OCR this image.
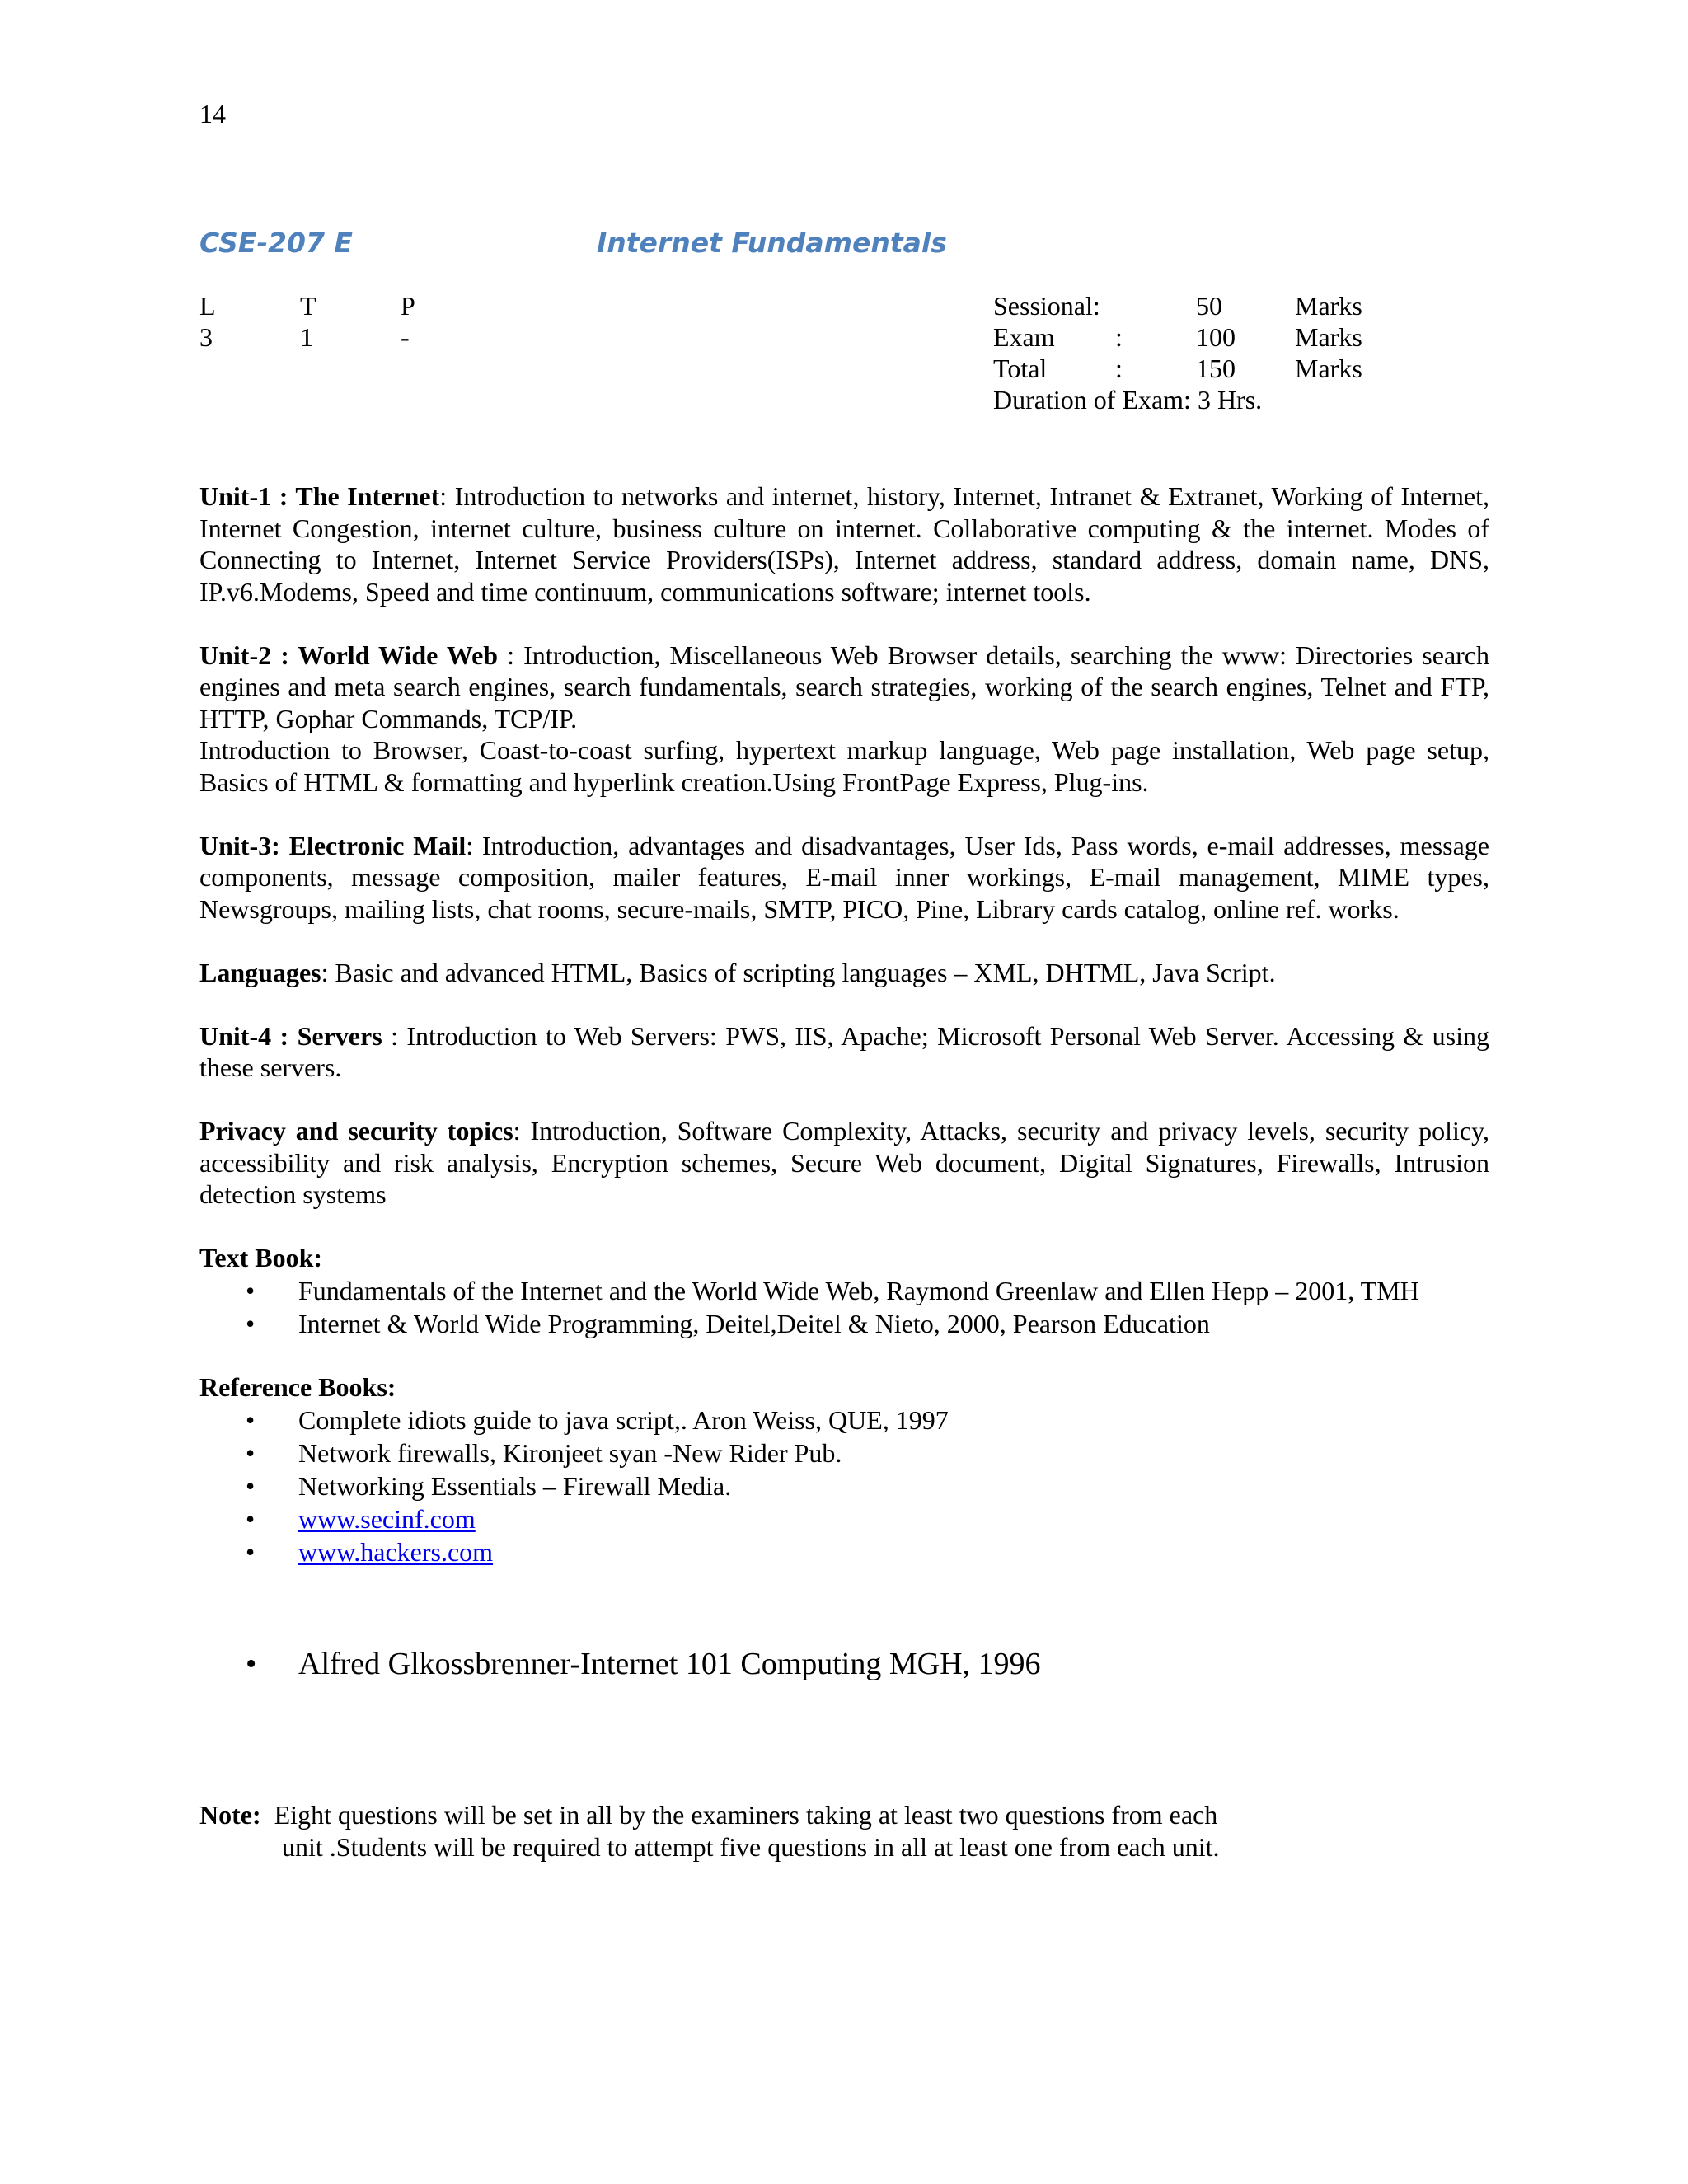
14
CSE-207 E	Internet Fundamentals
L	T	P
3	1	-
Sessional:	50	Marks
Exam	:	100	Marks
Total	:	150	Marks
Duration of Exam: 3 Hrs.

Unit-1 : The Internet: Introduction to networks and internet, history, Internet, Intranet & Extranet, Working of Internet, Internet Congestion, internet culture, business culture on internet. Collaborative computing & the internet. Modes of Connecting to Internet, Internet Service Providers(ISPs), Internet address, standard address, domain name, DNS, IP.v6.Modems, Speed and time continuum, communications software; internet tools.

Unit-2 : World Wide Web : Introduction, Miscellaneous Web Browser details, searching the www: Directories search engines and meta search engines, search fundamentals, search strategies, working of the search engines, Telnet and FTP, HTTP, Gophar Commands, TCP/IP.

Introduction to Browser, Coast-to-coast surfing, hypertext markup language, Web page installation, Web page setup, Basics of HTML & formatting and hyperlink creation.Using FrontPage Express, Plug-ins.

Unit-3: Electronic Mail: Introduction, advantages and disadvantages, User Ids, Pass words, e-mail addresses, message components, message composition, mailer features, E-mail inner workings, E-mail management, MIME types, Newsgroups, mailing lists, chat rooms, secure-mails, SMTP, PICO, Pine, Library cards catalog, online ref. works.

Languages: Basic and advanced HTML, Basics of scripting languages – XML, DHTML, Java Script.

Unit-4 : Servers : Introduction to Web Servers: PWS, IIS, Apache; Microsoft Personal Web Server. Accessing & using these servers.

Privacy and security topics: Introduction, Software Complexity, Attacks, security and privacy levels, security policy, accessibility and risk analysis, Encryption schemes, Secure Web document, Digital Signatures, Firewalls, Intrusion detection systems

Text Book:

• Fundamentals of the Internet and the World Wide Web, Raymond Greenlaw and Ellen Hepp – 2001, TMH
• Internet & World Wide Programming, Deitel,Deitel & Nieto, 2000, Pearson Education

Reference Books:

• Complete idiots guide to java script,. Aron Weiss, QUE, 1997
• Network firewalls, Kironjeet syan -New Rider Pub.
• Networking Essentials – Firewall Media.
• www.secinf.com
• www.hackers.com
• Alfred Glkossbrenner-Internet 101 Computing MGH, 1996
Note:  Eight questions will be set in all by the examiners taking at least two questions from each
unit .Students will be required to attempt five questions in all at least one from each unit.
